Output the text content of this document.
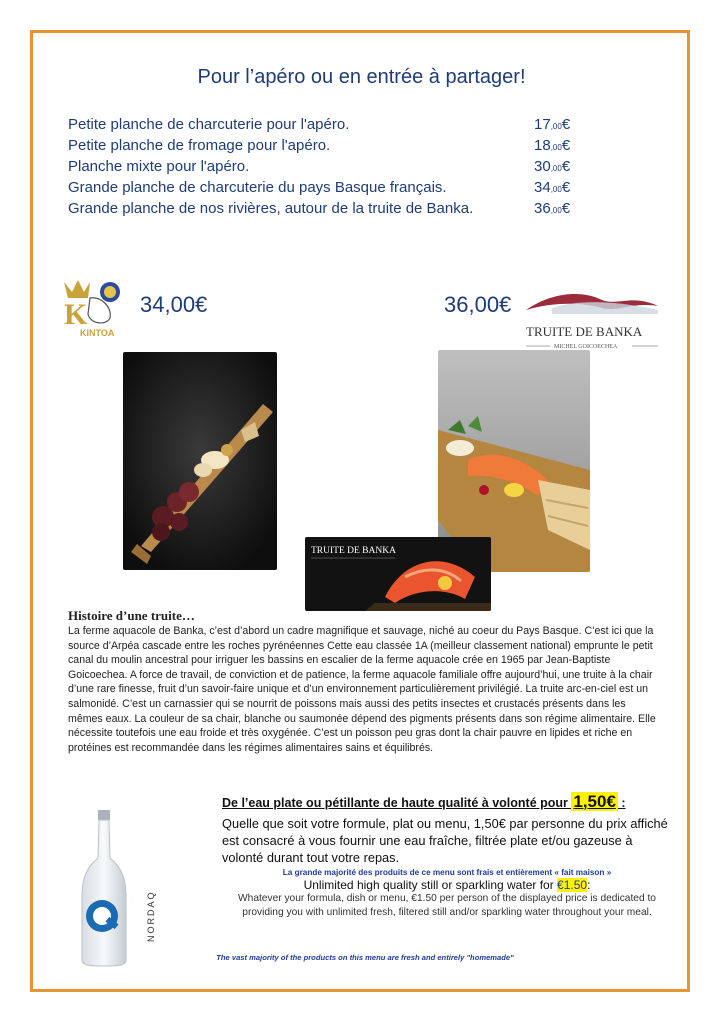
Pour l’apéro ou en entrée à partager!
Petite planche de charcuterie pour l'apéro.	17,00€
Petite planche de fromage pour l'apéro.	18,00€
Planche mixte pour l'apéro.	30,00€
Grande planche de charcuterie du pays Basque français.	34,00€
Grande planche de nos rivières, autour de la truite de Banka.	36,00€
K
KINTOA
34,00€	36,00€
TRUITE DE BANKA
MICHEL GOICOECHEA
TRUITE DE BANKA
Histoire d’une truite…

La ferme aquacole de Banka, c’est d’abord un cadre magnifique et sauvage, niché au coeur du Pays Basque. C’est ici que la source d’Arpéa cascade entre les roches pyrénéennes Cette eau classée 1A (meilleur classement national) emprunte le petit canal du moulin ancestral pour irriguer les bassins en escalier de la ferme aquacole crée en 1965 par Jean-Baptiste Goicoechea. A force de travail, de conviction et de patience, la ferme aquacole familiale offre aujourd’hui, une truite à la chair d’une rare finesse, fruit d’un savoir-faire unique et d’un environnement particulièrement privilégié. La truite arc-en-ciel est un salmonidé. C’est un carnassier qui se nourrit de poissons mais aussi des petits insectes et crustacés présents dans les mêmes eaux. La couleur de sa chair, blanche ou saumonée dépend des pigments présents dans son régime alimentaire. Elle nécessite toutefois une eau froide et très oxygénée. C’est un poisson peu gras dont la chair pauvre en lipides et riche en protéines est recommandée dans les régimes alimentaires sains et équilibrés.

NORDAQ
· · · · ·
De l’eau plate ou pétillante de haute qualité à volonté pour 1,50€ :
Quelle que soit votre formule, plat ou menu, 1,50€ par personne du prix affiché est consacré à vous fournir une eau fraîche, filtrée plate et/ou gazeuse à volonté durant tout votre repas.
La grande majorité des produits de ce menu sont frais et entièrement « fait maison »
Unlimited high quality still or sparkling water for €1.50:
Whatever your formula, dish or menu, €1.50 per person of the displayed price is dedicated to providing you with unlimited fresh, filtered still and/or sparkling water throughout your meal.
The vast majority of the products on this menu are fresh and entirely "homemade"
